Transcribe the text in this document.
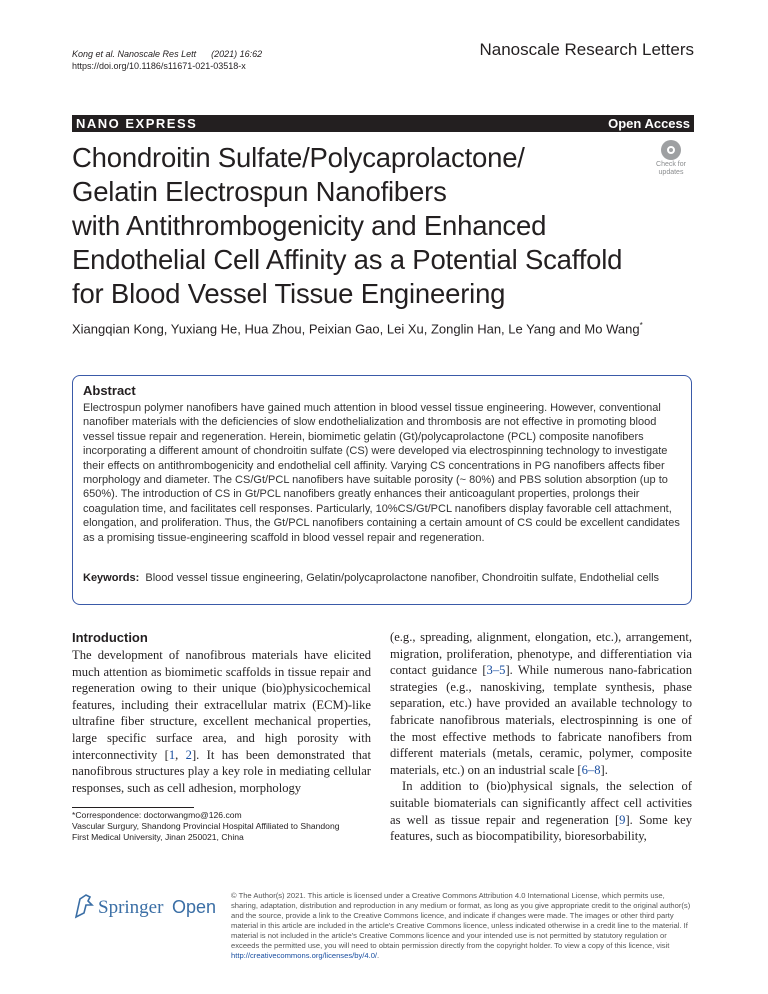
Kong et al. Nanoscale Res Lett (2021) 16:62
https://doi.org/10.1186/s11671-021-03518-x
Nanoscale Research Letters
NANO EXPRESS	Open Access
Chondroitin Sulfate/Polycaprolactone/
Gelatin Electrospun Nanofibers
with Antithrombogenicity and Enhanced
Endothelial Cell Affinity as a Potential Scaffold
for Blood Vessel Tissue Engineering
Check for
updates
Xiangqian Kong, Yuxiang He, Hua Zhou, Peixian Gao, Lei Xu, Zonglin Han, Le Yang and Mo Wang*
Abstract
Electrospun polymer nanofibers have gained much attention in blood vessel tissue engineering. However, conventional nanofiber materials with the deficiencies of slow endothelialization and thrombosis are not effective in promoting blood vessel tissue repair and regeneration. Herein, biomimetic gelatin (Gt)/polycaprolactone (PCL) composite nanofibers incorporating a different amount of chondroitin sulfate (CS) were developed via electrospinning technology to investigate their effects on antithrombogenicity and endothelial cell affinity. Varying CS concentrations in PG nanofibers affects fiber morphology and diameter. The CS/Gt/PCL nanofibers have suitable porosity (~ 80%) and PBS solution absorption (up to 650%). The introduction of CS in Gt/PCL nanofibers greatly enhances their anticoagulant properties, prolongs their coagulation time, and facilitates cell responses. Particularly, 10%CS/Gt/PCL nanofibers display favorable cell attachment, elongation, and proliferation. Thus, the Gt/PCL nanofibers containing a certain amount of CS could be excellent candidates as a promising tissue-engineering scaffold in blood vessel repair and regeneration.
Keywords: Blood vessel tissue engineering, Gelatin/polycaprolactone nanofiber, Chondroitin sulfate, Endothelial cells
Introduction
The development of nanofibrous materials have elicited much attention as biomimetic scaffolds in tissue repair and regeneration owing to their unique (bio)physicochemical features, including their extracellular matrix (ECM)-like ultrafine fiber structure, excellent mechanical properties, large specific surface area, and high porosity with interconnectivity [1, 2]. It has been demonstrated that nanofibrous structures play a key role in mediating cellular responses, such as cell adhesion, morphology
(e.g., spreading, alignment, elongation, etc.), arrangement, migration, proliferation, phenotype, and differentiation via contact guidance [3–5]. While numerous nano-fabrication strategies (e.g., nanoskiving, template synthesis, phase separation, etc.) have provided an available technology to fabricate nanofibrous materials, electrospinning is one of the most effective methods to fabricate nanofibers from different materials (metals, ceramic, polymer, composite materials, etc.) on an industrial scale [6–8].
In addition to (bio)physical signals, the selection of suitable biomaterials can significantly affect cell activities as well as tissue repair and regeneration [9]. Some key features, such as biocompatibility, bioresorbability,
*Correspondence: doctorwangmo@126.com
Vascular Surgury, Shandong Provincial Hospital Affiliated to Shandong
First Medical University, Jinan 250021, China
Springer Open
© The Author(s) 2021. This article is licensed under a Creative Commons Attribution 4.0 International License, which permits use, sharing, adaptation, distribution and reproduction in any medium or format, as long as you give appropriate credit to the original author(s) and the source, provide a link to the Creative Commons licence, and indicate if changes were made. The images or other third party material in this article are included in the article's Creative Commons licence, unless indicated otherwise in a credit line to the material. If material is not included in the article's Creative Commons licence and your intended use is not permitted by statutory regulation or exceeds the permitted use, you will need to obtain permission directly from the copyright holder. To view a copy of this licence, visit http://creativecommons.org/licenses/by/4.0/.
